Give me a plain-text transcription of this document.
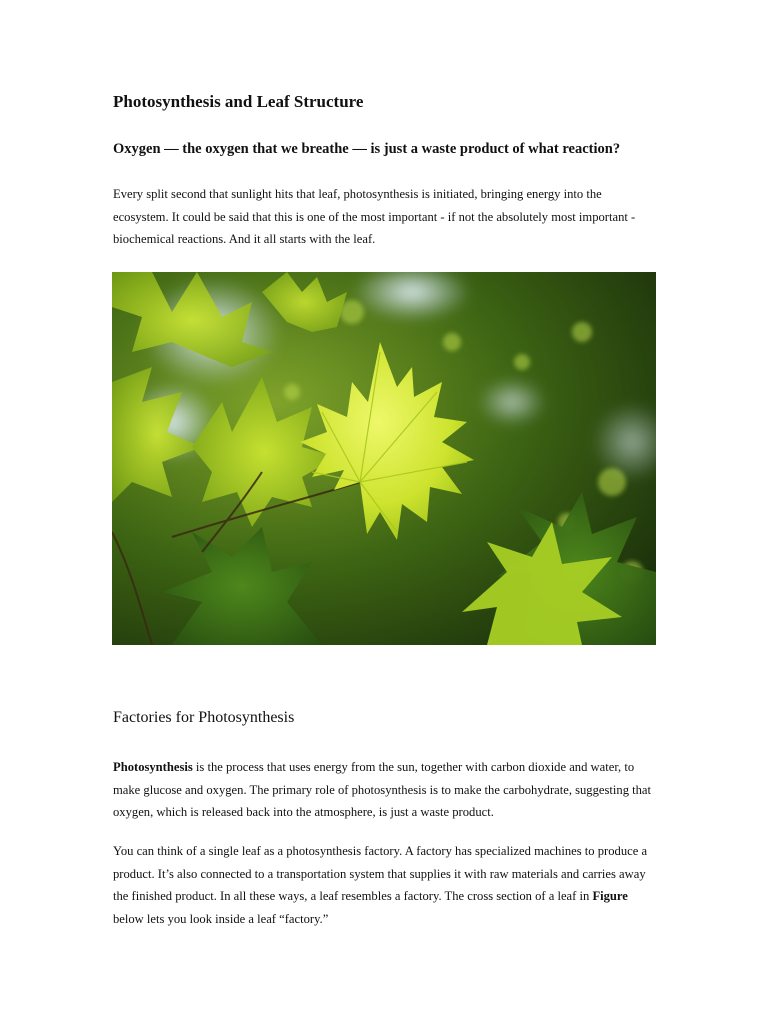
Photosynthesis and Leaf Structure
Oxygen — the oxygen that we breathe — is just a waste product of what reaction?

Every split second that sunlight hits that leaf, photosynthesis is initiated, bringing energy into the ecosystem. It could be said that this is one of the most important - if not the absolutely most important - biochemical reactions. And it all starts with the leaf.

Factories for Photosynthesis

Photosynthesis is the process that uses energy from the sun, together with carbon dioxide and water, to make glucose and oxygen. The primary role of photosynthesis is to make the carbohydrate, suggesting that oxygen, which is released back into the atmosphere, is just a waste product.

You can think of a single leaf as a photosynthesis factory. A factory has specialized machines to produce a product. It’s also connected to a transportation system that supplies it with raw materials and carries away the finished product. In all these ways, a leaf resembles a factory. The cross section of a leaf in Figure below lets you look inside a leaf “factory.”
